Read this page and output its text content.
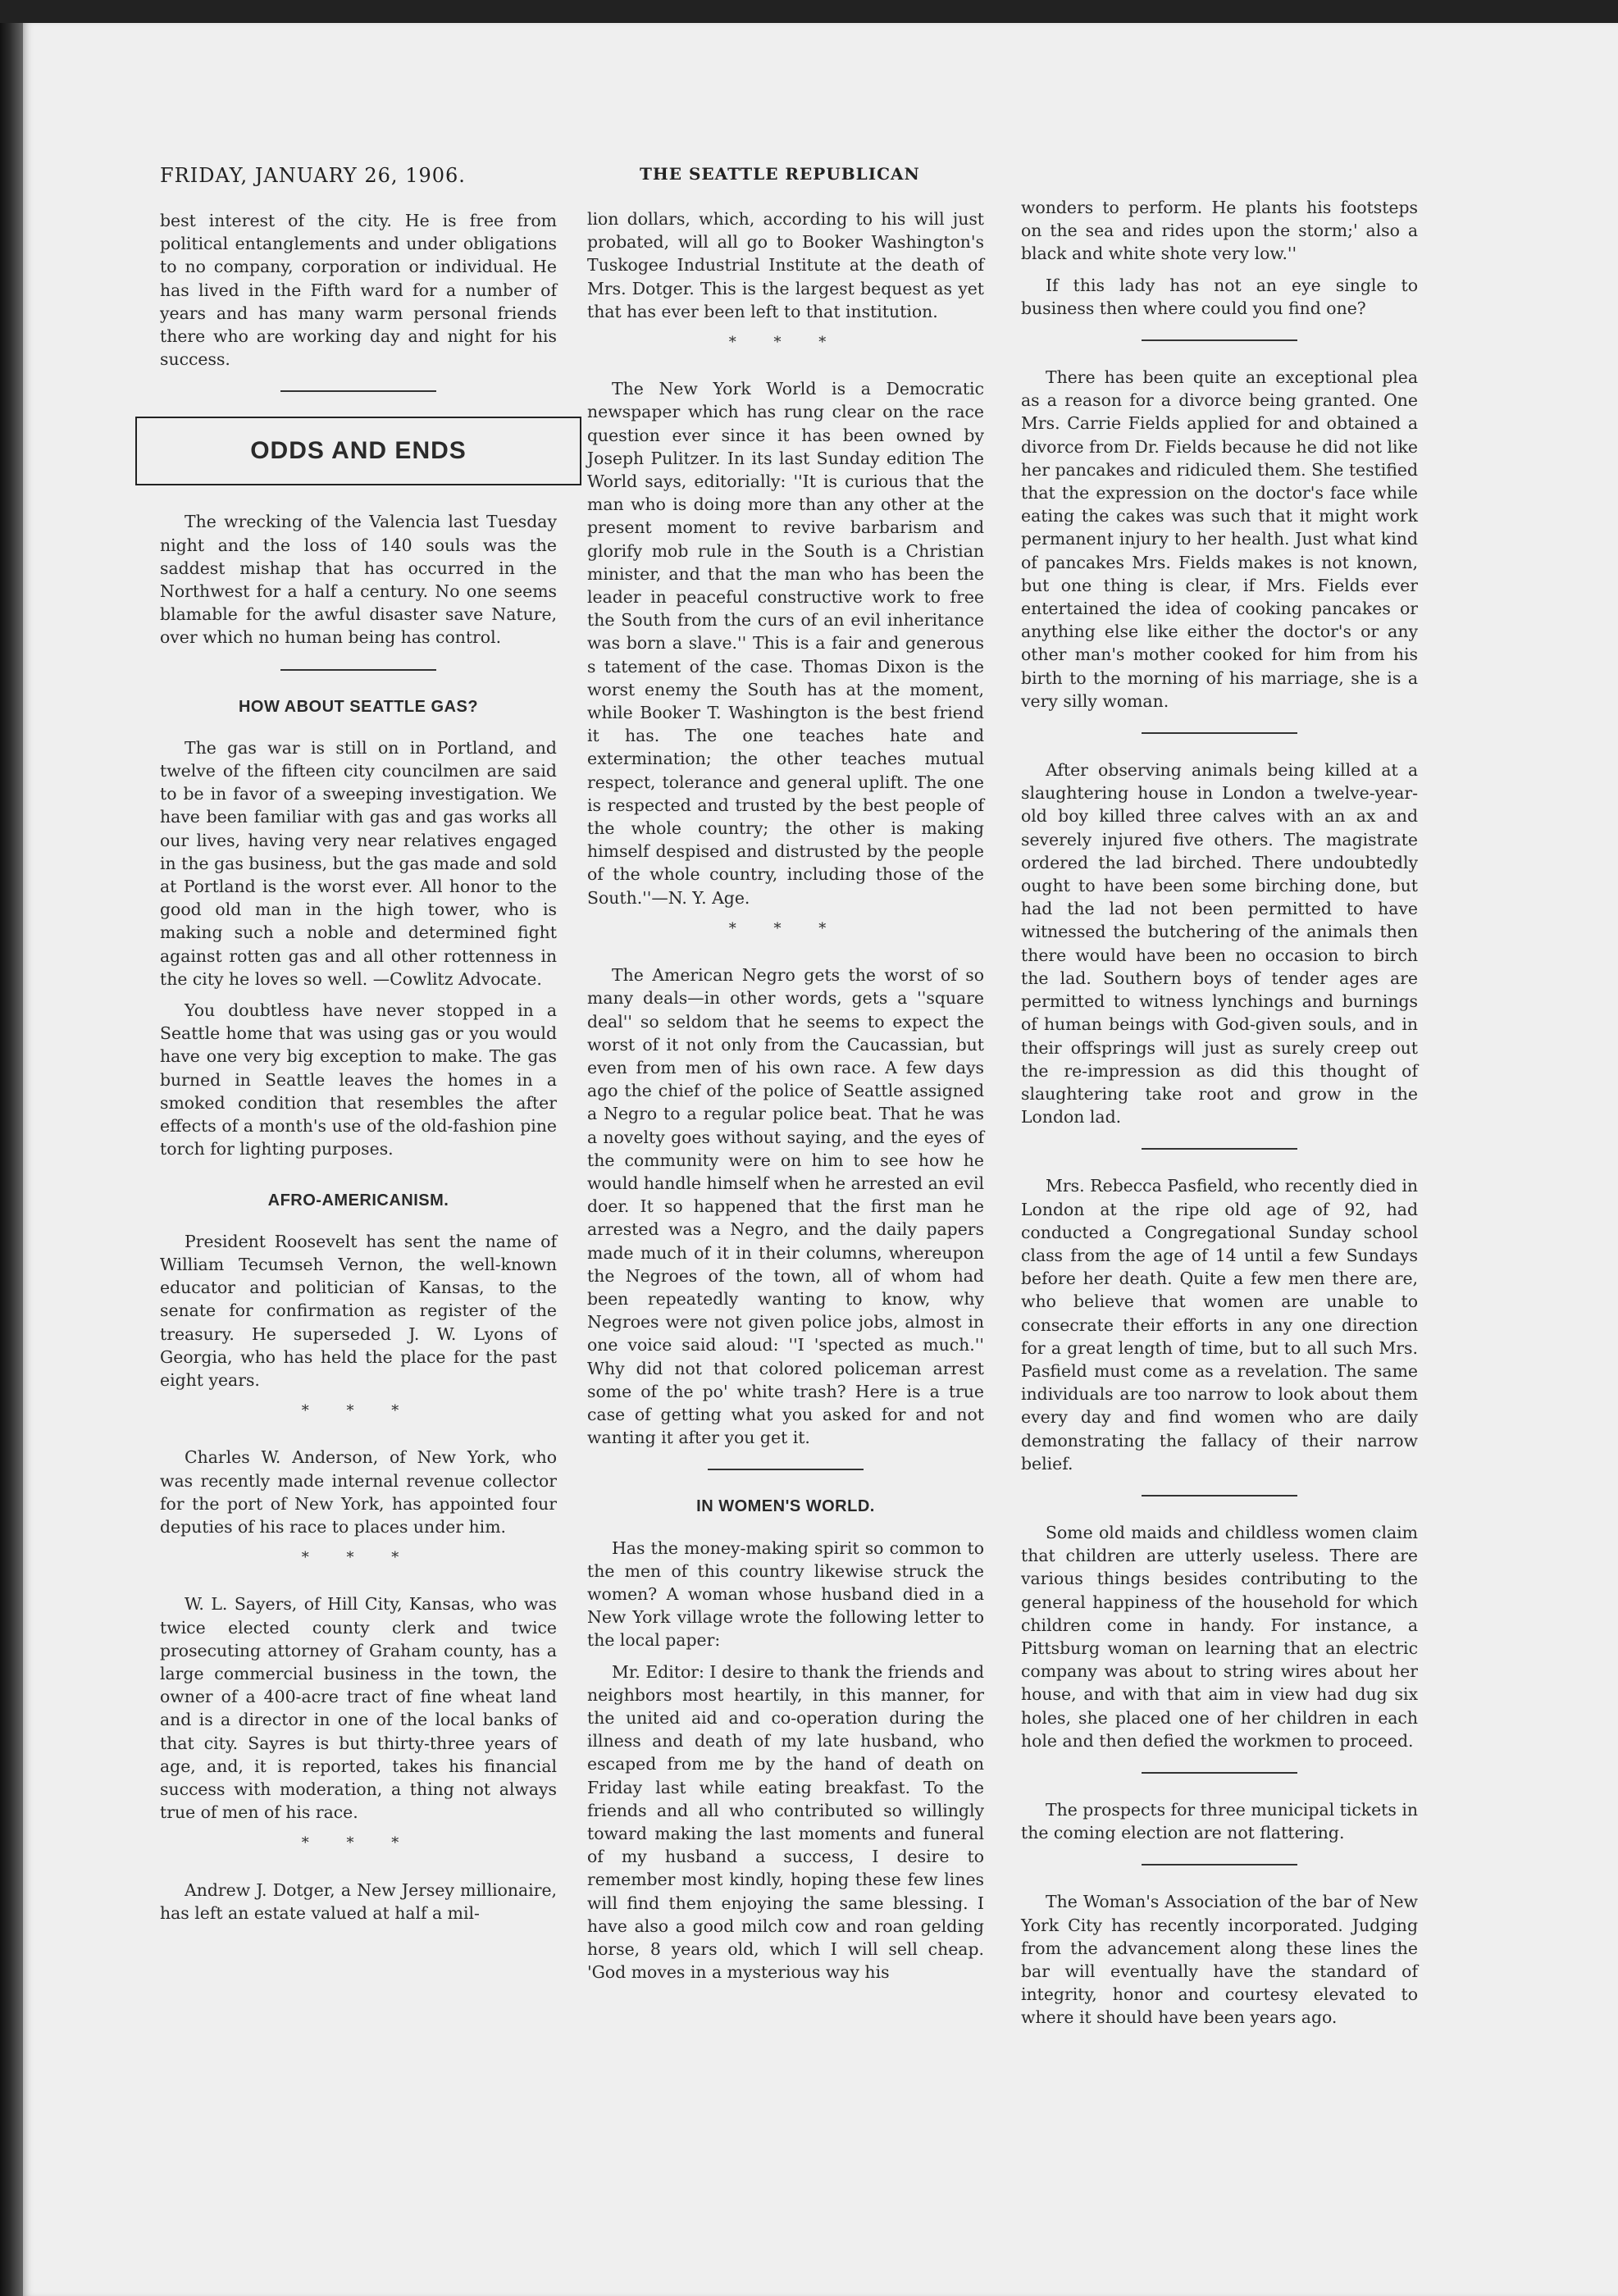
FRIDAY, JANUARY 26, 1906.	THE SEATTLE REPUBLICAN

best interest of the city. He is free from political entanglements and under obligations to no company, corporation or individual. He has lived in the Fifth ward for a number of years and has many warm personal friends there who are working day and night for his success.

ODDS AND ENDS

The wrecking of the Valencia last Tuesday night and the loss of 140 souls was the saddest mishap that has occurred in the Northwest for a half a century. No one seems blamable for the awful disaster save Nature, over which no human being has control.

HOW ABOUT SEATTLE GAS?

The gas war is still on in Portland, and twelve of the fifteen city councilmen are said to be in favor of a sweeping investigation. We have been familiar with gas and gas works all our lives, having very near relatives engaged in the gas business, but the gas made and sold at Portland is the worst ever. All honor to the good old man in the high tower, who is making such a noble and determined fight against rotten gas and all other rottenness in the city he loves so well. —Cowlitz Advocate.

You doubtless have never stopped in a Seattle home that was using gas or you would have one very big exception to make. The gas burned in Seattle leaves the homes in a smoked condition that resembles the after effects of a month's use of the old-fashion pine torch for lighting purposes.

AFRO-AMERICANISM.

President Roosevelt has sent the name of William Tecumseh Vernon, the well-known educator and politician of Kansas, to the senate for confirmation as register of the treasury. He superseded J. W. Lyons of Georgia, who has held the place for the past eight years.

* * *

Charles W. Anderson, of New York, who was recently made internal revenue collector for the port of New York, has appointed four deputies of his race to places under him.

* * *

W. L. Sayers, of Hill City, Kansas, who was twice elected county clerk and twice prosecuting attorney of Graham county, has a large commercial business in the town, the owner of a 400-acre tract of fine wheat land and is a director in one of the local banks of that city. Sayres is but thirty-three years of age, and, it is reported, takes his financial success with moderation, a thing not always true of men of his race.

* * *

Andrew J. Dotger, a New Jersey millionaire, has left an estate valued at half a mil-

lion dollars, which, according to his will just probated, will all go to Booker Washington's Tuskogee Industrial Institute at the death of Mrs. Dotger. This is the largest bequest as yet that has ever been left to that institution.

* * *

The New York World is a Democratic newspaper which has rung clear on the race question ever since it has been owned by Joseph Pulitzer. In its last Sunday edition The World says, editorially: ''It is curious that the man who is doing more than any other at the present moment to revive barbarism and glorify mob rule in the South is a Christian minister, and that the man who has been the leader in peaceful constructive work to free the South from the curs of an evil inheritance was born a slave.'' This is a fair and generous s tatement of the case. Thomas Dixon is the worst enemy the South has at the moment, while Booker T. Washington is the best friend it has. The one teaches hate and extermination; the other teaches mutual respect, tolerance and general uplift. The one is respected and trusted by the best people of the whole country; the other is making himself despised and distrusted by the people of the whole country, including those of the South.''—N. Y. Age.

* * *

The American Negro gets the worst of so many deals—in other words, gets a ''square deal'' so seldom that he seems to expect the worst of it not only from the Caucassian, but even from men of his own race. A few days ago the chief of the police of Seattle assigned a Negro to a regular police beat. That he was a novelty goes without saying, and the eyes of the community were on him to see how he would handle himself when he arrested an evil doer. It so happened that the first man he arrested was a Negro, and the daily papers made much of it in their columns, whereupon the Negroes of the town, all of whom had been repeatedly wanting to know, why Negroes were not given police jobs, almost in one voice said aloud: ''I 'spected as much.'' Why did not that colored policeman arrest some of the po' white trash? Here is a true case of getting what you asked for and not wanting it after you get it.

IN WOMEN'S WORLD.

Has the money-making spirit so common to the men of this country likewise struck the women? A woman whose husband died in a New York village wrote the following letter to the local paper:

Mr. Editor: I desire to thank the friends and neighbors most heartily, in this manner, for the united aid and co-operation during the illness and death of my late husband, who escaped from me by the hand of death on Friday last while eating breakfast. To the friends and all who contributed so willingly toward making the last moments and funeral of my husband a success, I desire to remember most kindly, hoping these few lines will find them enjoying the same blessing. I have also a good milch cow and roan gelding horse, 8 years old, which I will sell cheap. 'God moves in a mysterious way his

wonders to perform. He plants his footsteps on the sea and rides upon the storm;' also a black and white shote very low.''

If this lady has not an eye single to business then where could you find one?

There has been quite an exceptional plea as a reason for a divorce being granted. One Mrs. Carrie Fields applied for and obtained a divorce from Dr. Fields because he did not like her pancakes and ridiculed them. She testified that the expression on the doctor's face while eating the cakes was such that it might work permanent injury to her health. Just what kind of pancakes Mrs. Fields makes is not known, but one thing is clear, if Mrs. Fields ever entertained the idea of cooking pancakes or anything else like either the doctor's or any other man's mother cooked for him from his birth to the morning of his marriage, she is a very silly woman.

After observing animals being killed at a slaughtering house in London a twelve-year-old boy killed three calves with an ax and severely injured five others. The magistrate ordered the lad birched. There undoubtedly ought to have been some birching done, but had the lad not been permitted to have witnessed the butchering of the animals then there would have been no occasion to birch the lad. Southern boys of tender ages are permitted to witness lynchings and burnings of human beings with God-given souls, and in their offsprings will just as surely creep out the re-impression as did this thought of slaughtering take root and grow in the London lad.

Mrs. Rebecca Pasfield, who recently died in London at the ripe old age of 92, had conducted a Congregational Sunday school class from the age of 14 until a few Sundays before her death. Quite a few men there are, who believe that women are unable to consecrate their efforts in any one direction for a great length of time, but to all such Mrs. Pasfield must come as a revelation. The same individuals are too narrow to look about them every day and find women who are daily demonstrating the fallacy of their narrow belief.

Some old maids and childless women claim that children are utterly useless. There are various things besides contributing to the general happiness of the household for which children come in handy. For instance, a Pittsburg woman on learning that an electric company was about to string wires about her house, and with that aim in view had dug six holes, she placed one of her children in each hole and then defied the workmen to proceed.

The prospects for three municipal tickets in the coming election are not flattering.

The Woman's Association of the bar of New York City has recently incorporated. Judging from the advancement along these lines the bar will eventually have the standard of integrity, honor and courtesy elevated to where it should have been years ago.
